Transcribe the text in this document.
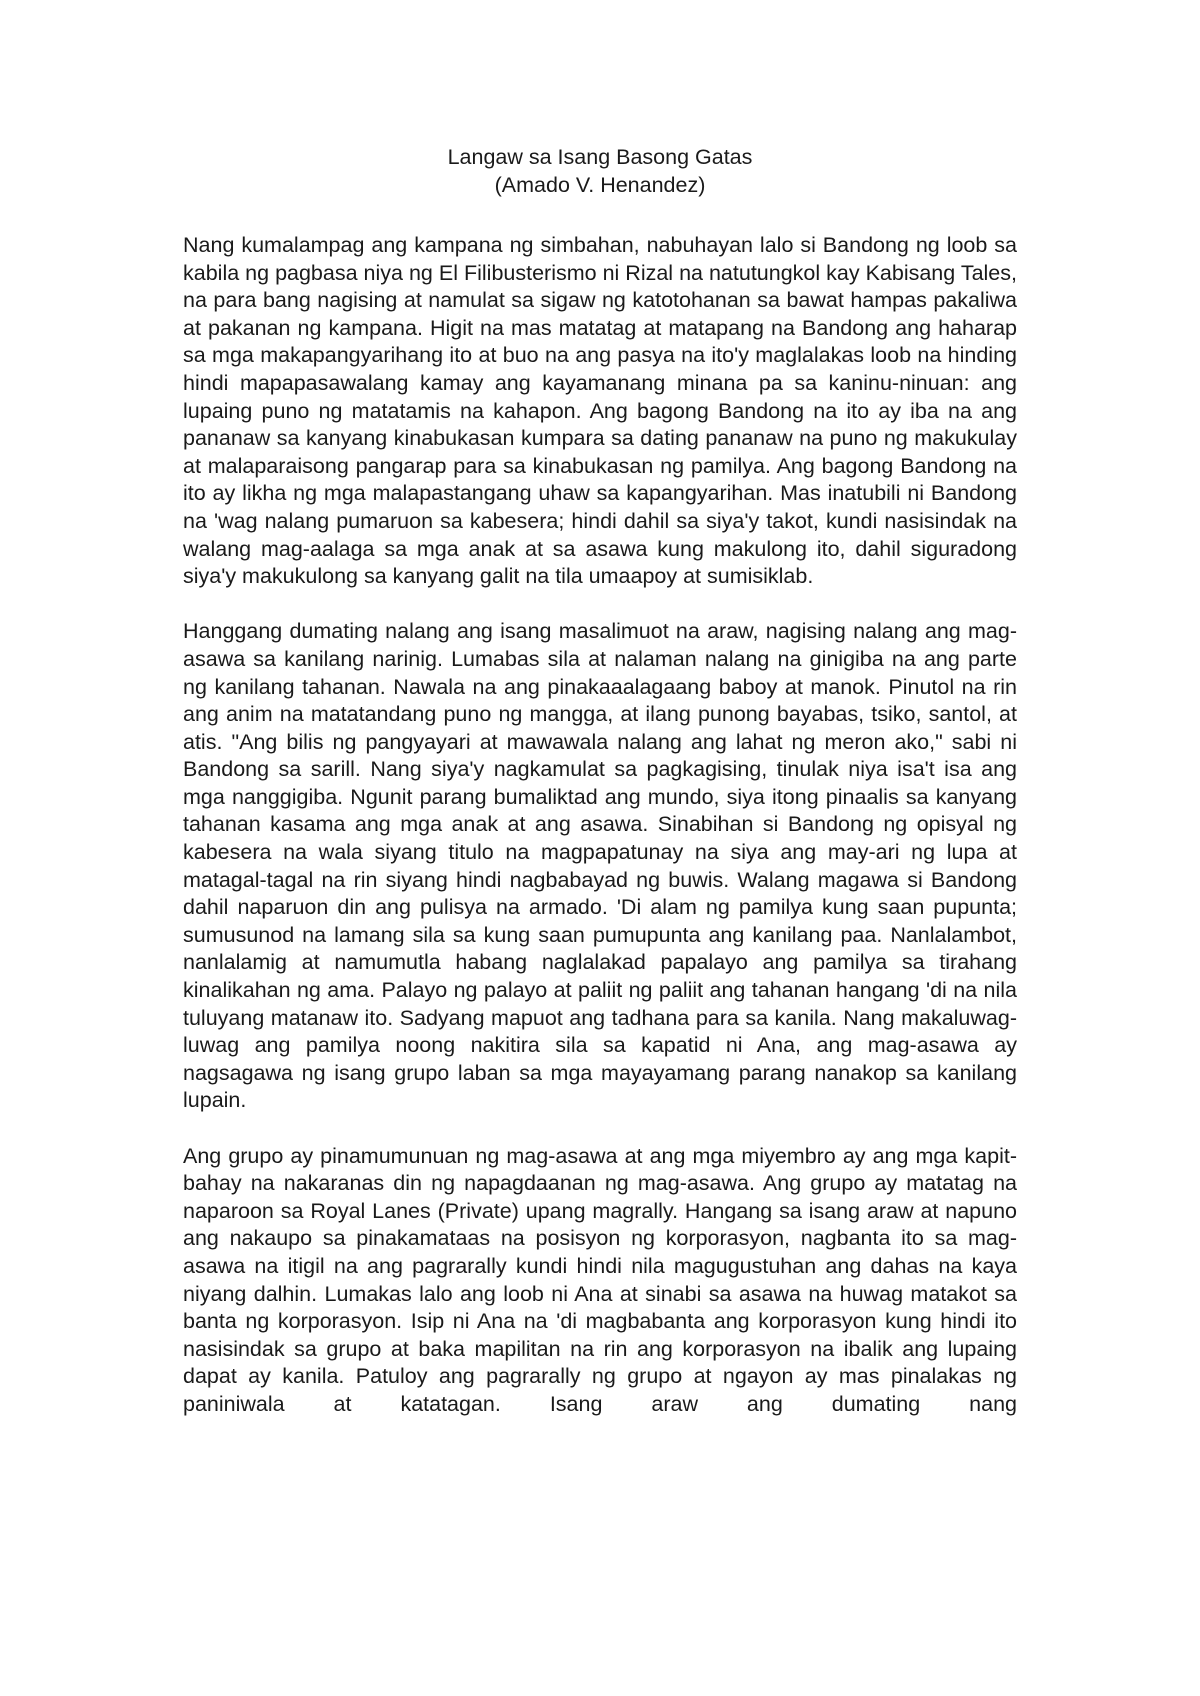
Langaw sa Isang Basong Gatas
(Amado V. Henandez)

Nang kumalampag ang kampana ng simbahan, nabuhayan lalo si Bandong ng loob sa kabila ng pagbasa niya ng El Filibusterismo ni Rizal na natutungkol kay Kabisang Tales, na para bang nagising at namulat sa sigaw ng katotohanan sa bawat hampas pakaliwa at pakanan ng kampana. Higit na mas matatag at matapang na Bandong ang haharap sa mga makapangyarihang ito at buo na ang pasya na ito'y maglalakas loob na hinding hindi mapapasawalang kamay ang kayamanang minana pa sa kaninu-ninuan: ang lupaing puno ng matatamis na kahapon. Ang bagong Bandong na ito ay iba na ang pananaw sa kanyang kinabukasan kumpara sa dating pananaw na puno ng makukulay at malaparaisong pangarap para sa kinabukasan ng pamilya. Ang bagong Bandong na ito ay likha ng mga malapastangang uhaw sa kapangyarihan. Mas inatubili ni Bandong na 'wag nalang pumaruon sa kabesera; hindi dahil sa siya'y takot, kundi nasisindak na walang mag-aalaga sa mga anak at sa asawa kung makulong ito, dahil siguradong siya'y makukulong sa kanyang galit na tila umaapoy at sumisiklab.

Hanggang dumating nalang ang isang masalimuot na araw, nagising nalang ang mag-asawa sa kanilang narinig. Lumabas sila at nalaman nalang na ginigiba na ang parte ng kanilang tahanan. Nawala na ang pinakaaalagaang baboy at manok. Pinutol na rin ang anim na matatandang puno ng mangga, at ilang punong bayabas, tsiko, santol, at atis. "Ang bilis ng pangyayari at mawawala nalang ang lahat ng meron ako," sabi ni Bandong sa sarill. Nang siya'y nagkamulat sa pagkagising, tinulak niya isa't isa ang mga nanggigiba. Ngunit parang bumaliktad ang mundo, siya itong pinaalis sa kanyang tahanan kasama ang mga anak at ang asawa. Sinabihan si Bandong ng opisyal ng kabesera na wala siyang titulo na magpapatunay na siya ang may-ari ng lupa at matagal-tagal na rin siyang hindi nagbabayad ng buwis. Walang magawa si Bandong dahil naparuon din ang pulisya na armado. 'Di alam ng pamilya kung saan pupunta; sumusunod na lamang sila sa kung saan pumupunta ang kanilang paa. Nanlalambot, nanlalamig at namumutla habang naglalakad papalayo ang pamilya sa tirahang kinalikahan ng ama. Palayo ng palayo at paliit ng paliit ang tahanan hangang 'di na nila tuluyang matanaw ito. Sadyang mapuot ang tadhana para sa kanila. Nang makaluwag-luwag ang pamilya noong nakitira sila sa kapatid ni Ana, ang mag-asawa ay nagsagawa ng isang grupo laban sa mga mayayamang parang nanakop sa kanilang lupain.

Ang grupo ay pinamumunuan ng mag-asawa at ang mga miyembro ay ang mga kapit-bahay na nakaranas din ng napagdaanan ng mag-asawa. Ang grupo ay matatag na naparoon sa Royal Lanes (Private) upang magrally. Hangang sa isang araw at napuno ang nakaupo sa pinakamataas na posisyon ng korporasyon, nagbanta ito sa mag-asawa na itigil na ang pagrarally kundi hindi nila magugustuhan ang dahas na kaya niyang dalhin. Lumakas lalo ang loob ni Ana at sinabi sa asawa na huwag matakot sa banta ng korporasyon. Isip ni Ana na 'di magbabanta ang korporasyon kung hindi ito nasisindak sa grupo at baka mapilitan na rin ang korporasyon na ibalik ang lupaing dapat ay kanila. Patuloy ang pagrarally ng grupo at ngayon ay mas pinalakas ng paniniwala at katatagan. Isang araw ang dumating nang
